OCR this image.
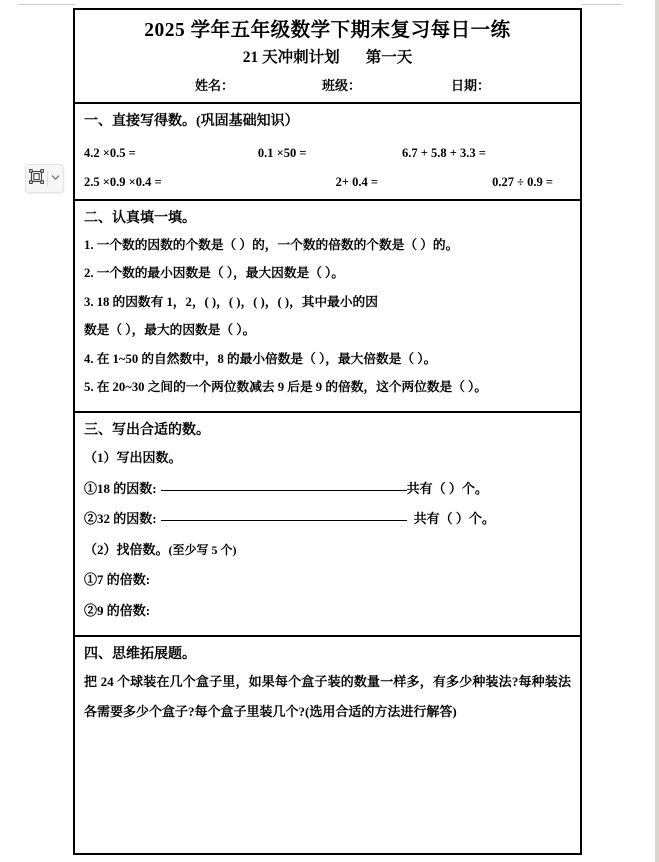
2025 学年五年级数学下期末复习每日一练
21 天冲刺计划 第一天
姓名：	班级：	日期：
一、直接写得数。(巩固基础知识）
4.2 ×0.5 =	0.1 ×50 =	6.7 + 5.8 + 3.3 =
2.5 ×0.9 ×0.4 =	2+ 0.4 =	0.27 ÷ 0.9 =
二、认真填一填。
1. 一个数的因数的个数是（ ）的，一个数的倍数的个数是（ ）的。
2. 一个数的最小因数是（ ），最大因数是（ ）。
3. 18 的因数有 1，2，( )，( )，( )，( )，其中最小的因
数是（ ），最大的因数是（ ）。
4. 在 1~50 的自然数中，8 的最小倍数是（ ），最大倍数是（ ）。
5. 在 20~30 之间的一个两位数减去 9 后是 9 的倍数，这个两位数是（ ）。
三、写出合适的数。
（1）写出因数。
①18 的因数:	共有（ ）个。
②32 的因数:	共有（ ）个。
（2）找倍数。(至少写 5 个)
①7 的倍数:
②9 的倍数:
四、思维拓展题。
把 24 个球装在几个盒子里，如果每个盒子装的数量一样多，有多少种装法?每种装法各需要多少个盒子?每个盒子里装几个?(选用合适的方法进行解答)
